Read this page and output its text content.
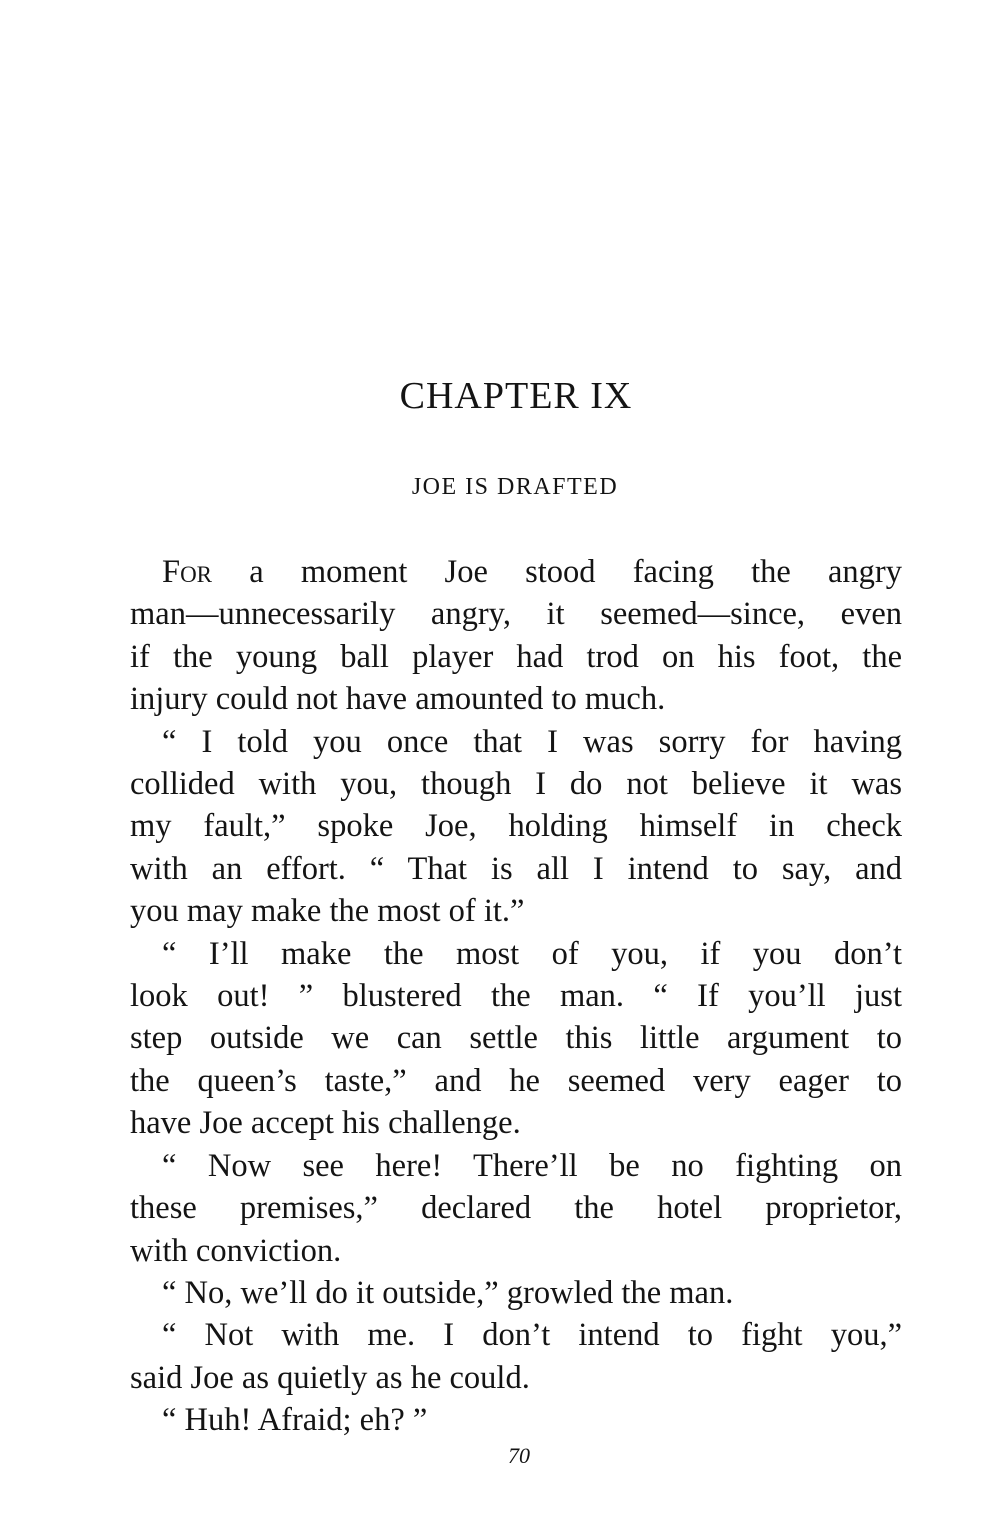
CHAPTER IX
JOE IS DRAFTED
For a moment Joe stood facing the angry
man—unnecessarily angry, it seemed—since, even
if the young ball player had trod on his foot, the
injury could not have amounted to much.
“ I told you once that I was sorry for having
collided with you, though I do not believe it was
my fault,” spoke Joe, holding himself in check
with an effort. “ That is all I intend to say, and
you may make the most of it.”
“ I’ll make the most of you, if you don’t
look out! ” blustered the man. “ If you’ll just
step outside we can settle this little argument to
the queen’s taste,” and he seemed very eager to
have Joe accept his challenge.
“ Now see here! There’ll be no fighting on
these premises,” declared the hotel proprietor,
with conviction.
“ No, we’ll do it outside,” growled the man.
“ Not with me. I don’t intend to fight you,”
said Joe as quietly as he could.
“ Huh! Afraid; eh? ”
70
